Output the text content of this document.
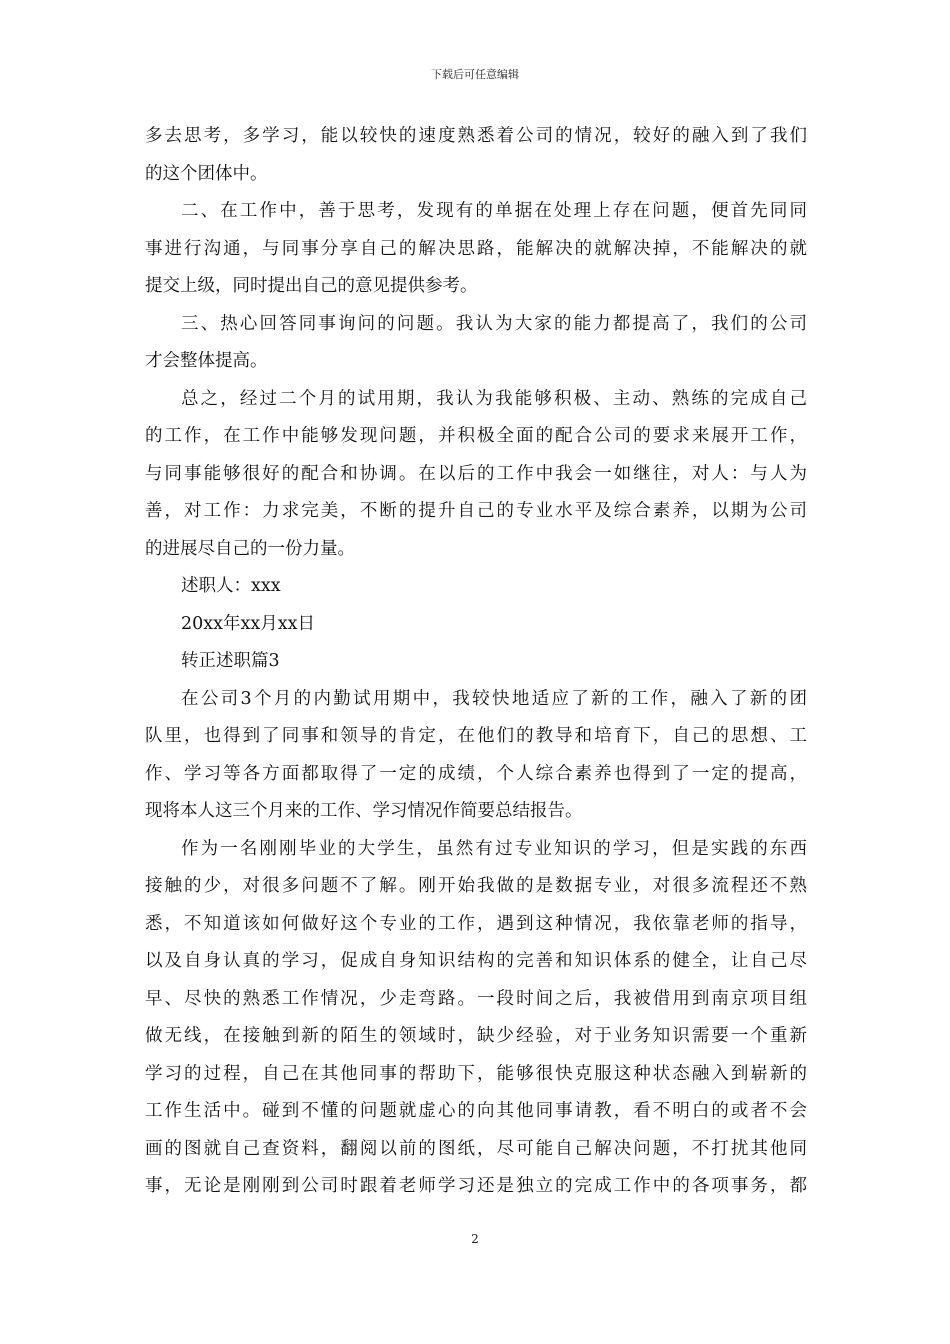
下载后可任意编辑
多去思考，多学习，能以较快的速度熟悉着公司的情况，较好的融入到了我们
的这个团体中。
二、在工作中，善于思考，发现有的单据在处理上存在问题，便首先同同
事进行沟通，与同事分享自己的解决思路，能解决的就解决掉，不能解决的就
提交上级，同时提出自己的意见提供参考。
三、热心回答同事询问的问题。我认为大家的能力都提高了，我们的公司
才会整体提高。
总之，经过二个月的试用期，我认为我能够积极、主动、熟练的完成自己
的工作，在工作中能够发现问题，并积极全面的配合公司的要求来展开工作，
与同事能够很好的配合和协调。在以后的工作中我会一如继往，对人：与人为
善，对工作：力求完美，不断的提升自己的专业水平及综合素养，以期为公司
的进展尽自己的一份力量。
述职人：xxx
20xx年xx月xx日
转正述职篇3
在公司3个月的内勤试用期中，我较快地适应了新的工作，融入了新的团
队里，也得到了同事和领导的肯定，在他们的教导和培育下，自己的思想、工
作、学习等各方面都取得了一定的成绩，个人综合素养也得到了一定的提高，
现将本人这三个月来的工作、学习情况作简要总结报告。
作为一名刚刚毕业的大学生，虽然有过专业知识的学习，但是实践的东西
接触的少，对很多问题不了解。刚开始我做的是数据专业，对很多流程还不熟
悉，不知道该如何做好这个专业的工作，遇到这种情况，我依靠老师的指导，
以及自身认真的学习，促成自身知识结构的完善和知识体系的健全，让自己尽
早、尽快的熟悉工作情况，少走弯路。一段时间之后，我被借用到南京项目组
做无线，在接触到新的陌生的领域时，缺少经验，对于业务知识需要一个重新
学习的过程，自己在其他同事的帮助下，能够很快克服这种状态融入到崭新的
工作生活中。碰到不懂的问题就虚心的向其他同事请教，看不明白的或者不会
画的图就自己查资料，翻阅以前的图纸，尽可能自己解决问题，不打扰其他同
事，无论是刚刚到公司时跟着老师学习还是独立的完成工作中的各项事务，都
2
